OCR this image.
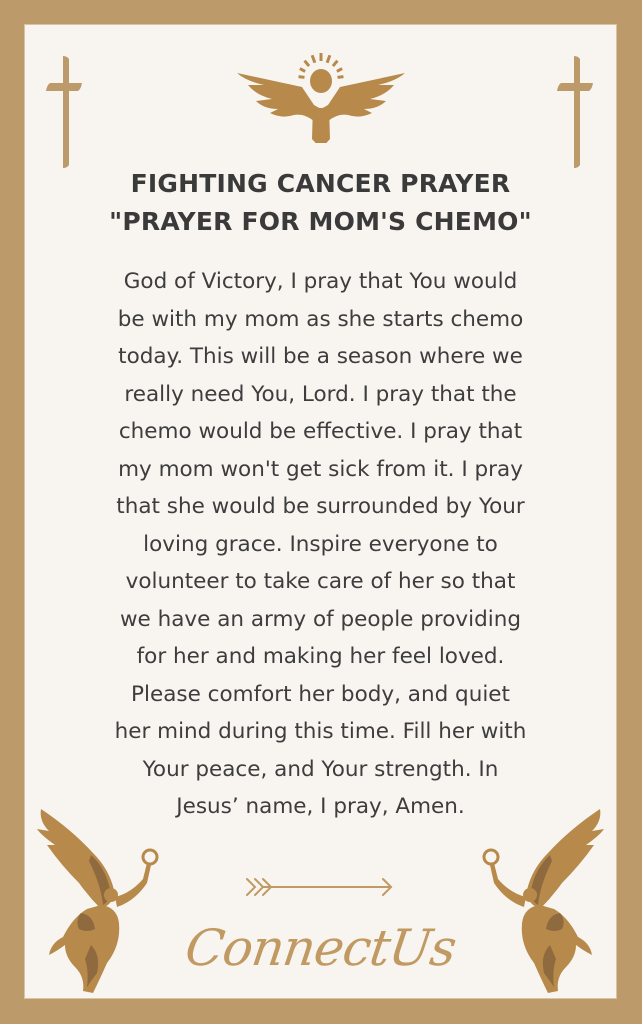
FIGHTING CANCER PRAYER
"PRAYER FOR MOM'S CHEMO"
God of Victory, I pray that You would
be with my mom as she starts chemo
today. This will be a season where we
really need You, Lord. I pray that the
chemo would be effective. I pray that
my mom won't get sick from it. I pray
that she would be surrounded by Your
loving grace. Inspire everyone to
volunteer to take care of her so that
we have an army of people providing
for her and making her feel loved.
Please comfort her body, and quiet
her mind during this time. Fill her with
Your peace, and Your strength. In
Jesus’ name, I pray, Amen.
ConnectUs
